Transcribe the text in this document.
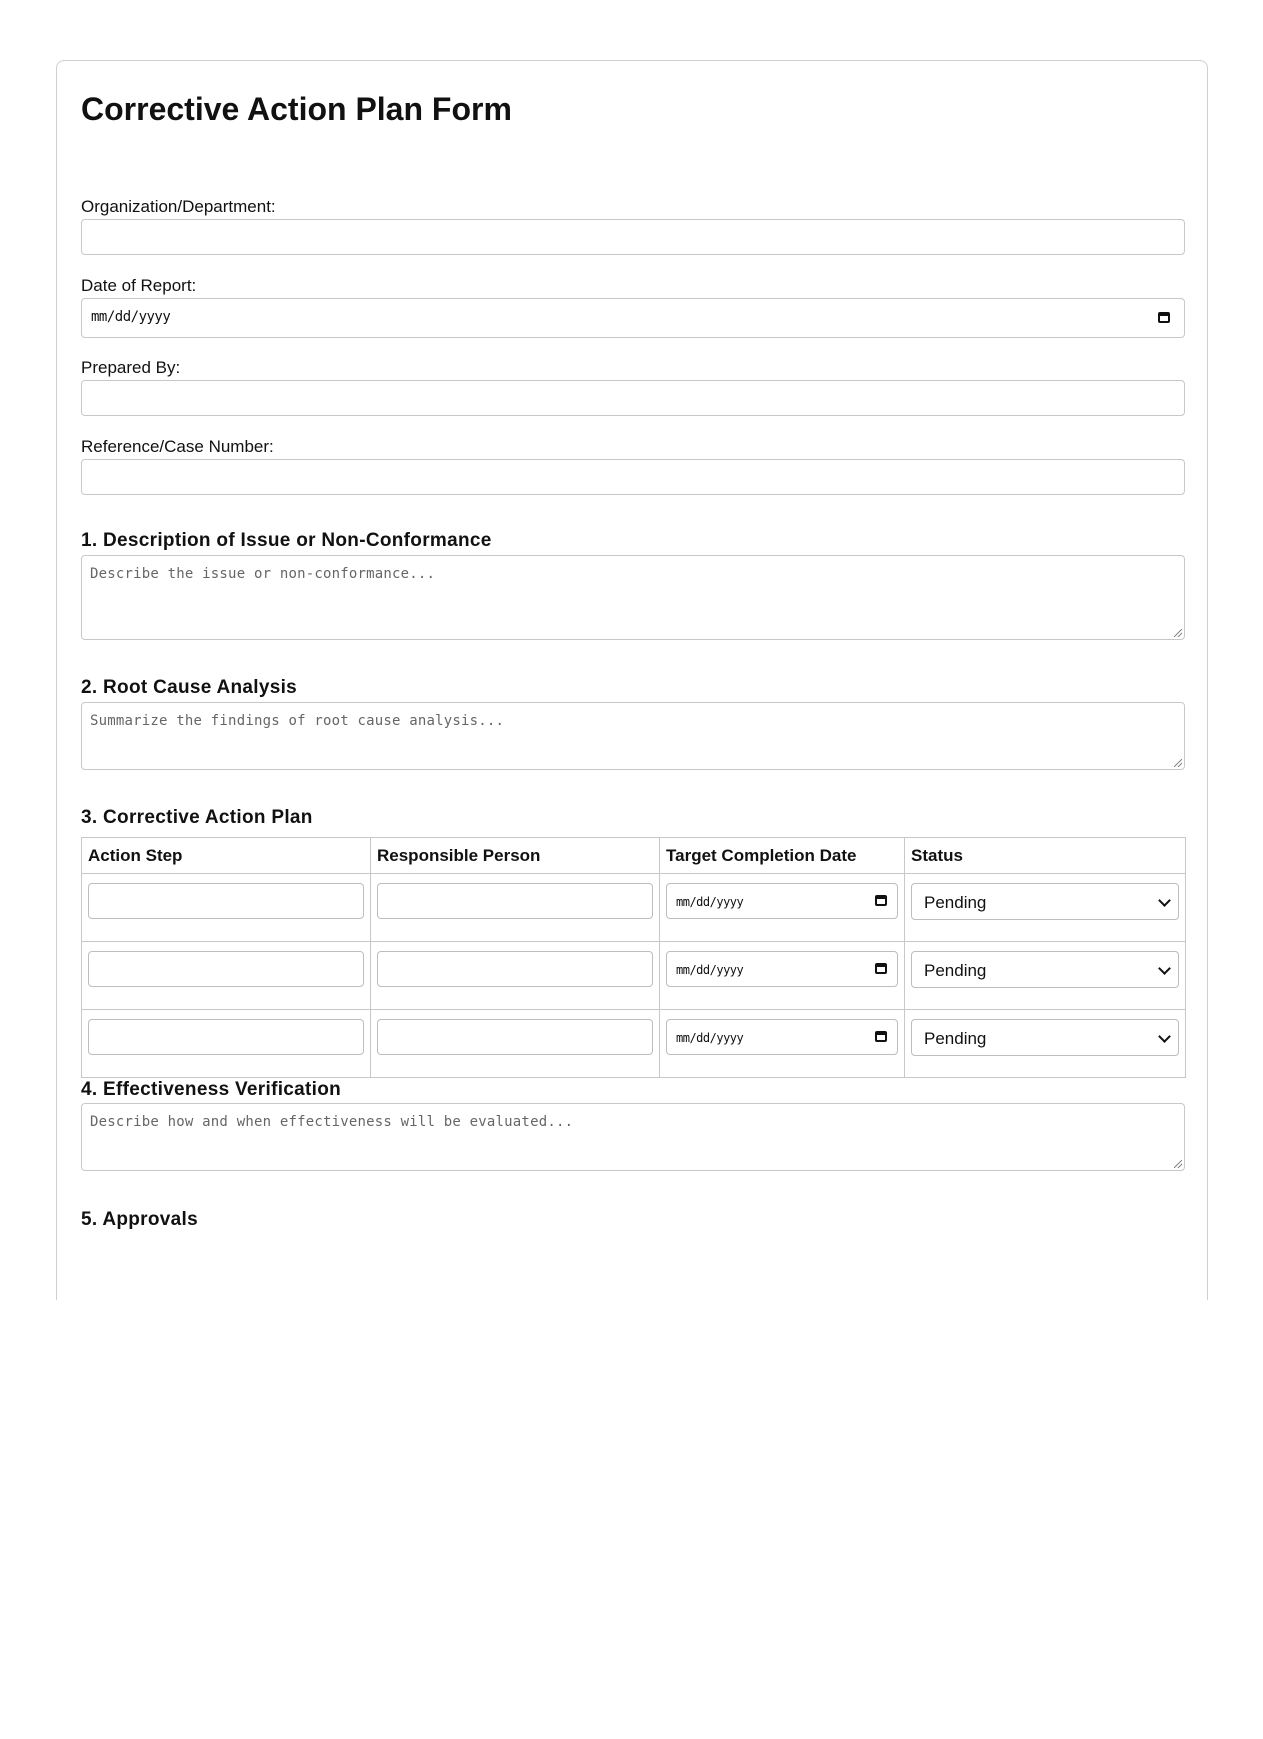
Corrective Action Plan Form
Organization/Department:
Date of Report:
mm/dd/yyyy
Prepared By:
Reference/Case Number:
1. Description of Issue or Non-Conformance
Describe the issue or non-conformance...
2. Root Cause Analysis
Summarize the findings of root cause analysis...
3. Corrective Action Plan
Action Step	Responsible Person	Target Completion Date	Status

		mm/dd/yyyy	Pending

		mm/dd/yyyy	Pending

		mm/dd/yyyy	Pending
4. Effectiveness Verification
Describe how and when effectiveness will be evaluated...
5. Approvals
